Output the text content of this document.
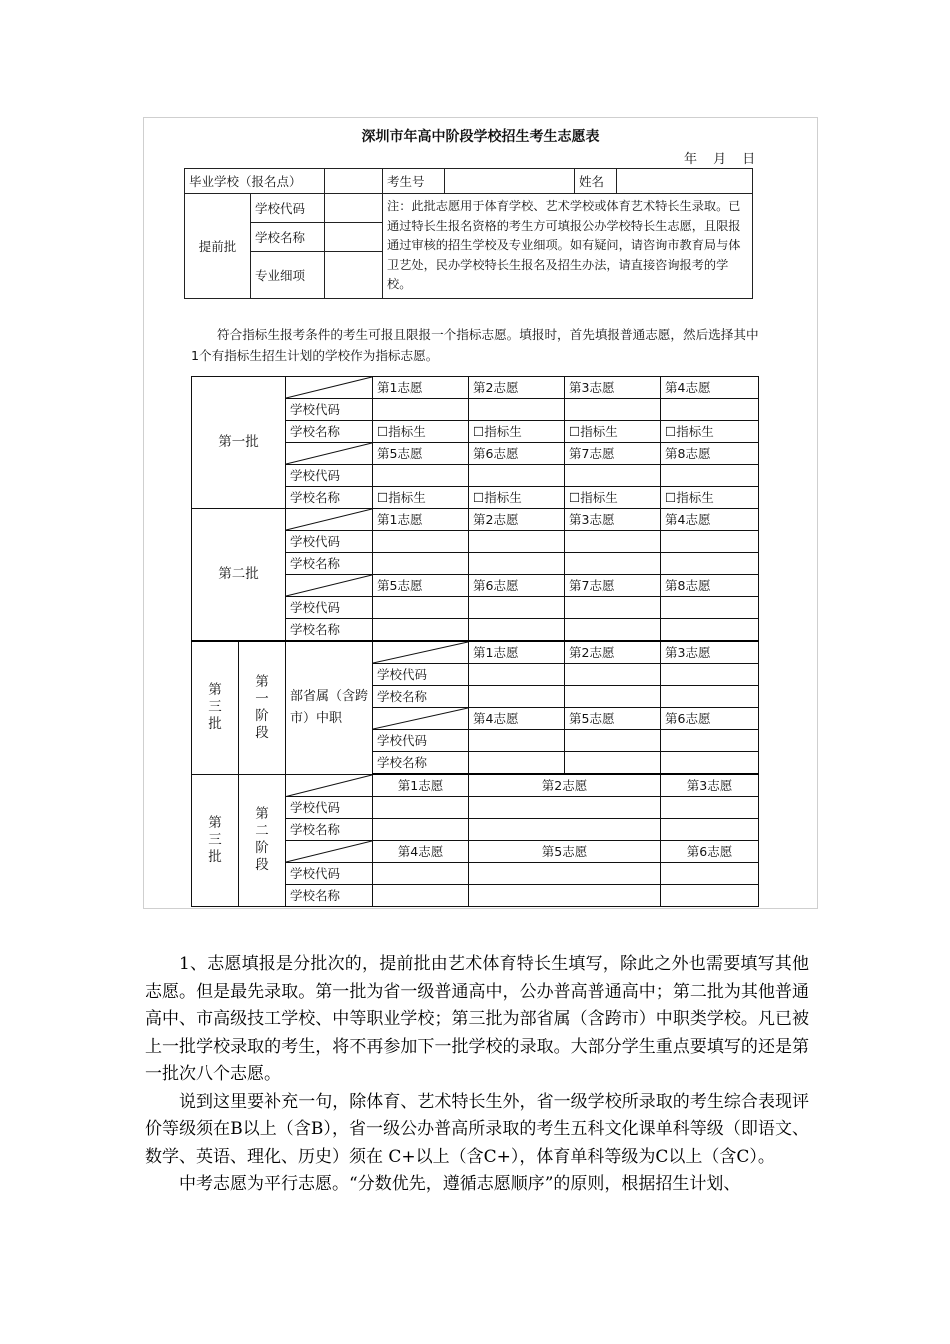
深圳市年高中阶段学校招生考生志愿表
年 月 日
毕业学校（报名点）			考生号		姓名	
提前批	学校代码		注：此批志愿用于体育学校、艺术学校或体育艺术特长生录取。已通过特长生报名资格的考生方可填报公办学校特长生志愿，且限报通过审核的招生学校及专业细项。如有疑问，请咨询市教育局与体卫艺处，民办学校特长生报名及招生办法，请直接咨询报考的学校。			
	学校名称					
	专业细项					
符合指标生报考条件的考生可报且限报一个指标志愿。填报时，首先填报普通志愿，然后选择其中1个有指标生招生计划的学校作为指标志愿。
第一批			第1志愿	第2志愿	第3志愿	第4志愿
		学校代码				
		学校名称	☐指标生	☐指标生	☐指标生	☐指标生

	第5志愿	第6志愿	第7志愿	第8志愿
		学校代码				
		学校名称	☐指标生	☐指标生	☐指标生	☐指标生
第二批			第1志愿	第2志愿	第3志愿	第4志愿
		学校代码				
		学校名称				

	第5志愿	第6志愿	第7志愿	第8志愿
		学校代码				
		学校名称				
第三批	第一阶段	部省属（含跨市）中职		第1志愿	第2志愿	第3志愿
			学校代码			
			学校名称			

	第4志愿	第5志愿	第6志愿
			学校代码			
			学校名称			
第三批	第二阶段		第1志愿	第2志愿		第3志愿
		学校代码				
		学校名称				

	第4志愿	第5志愿		第6志愿
		学校代码				
		学校名称				

1、志愿填报是分批次的，提前批由艺术体育特长生填写，除此之外也需要填写其他志愿。但是最先录取。第一批为省一级普通高中，公办普高普通高中；第二批为其他普通高中、市高级技工学校、中等职业学校；第三批为部省属（含跨市）中职类学校。凡已被上一批学校录取的考生，将不再参加下一批学校的录取。大部分学生重点要填写的还是第一批次八个志愿。

说到这里要补充一句，除体育、艺术特长生外，省一级学校所录取的考生综合表现评价等级须在B以上（含B），省一级公办普高所录取的考生五科文化课单科等级（即语文、数学、英语、理化、历史）须在 C+以上（含C+），体育单科等级为C以上（含C）。

中考志愿为平行志愿。“分数优先，遵循志愿顺序”的原则，根据招生计划、
